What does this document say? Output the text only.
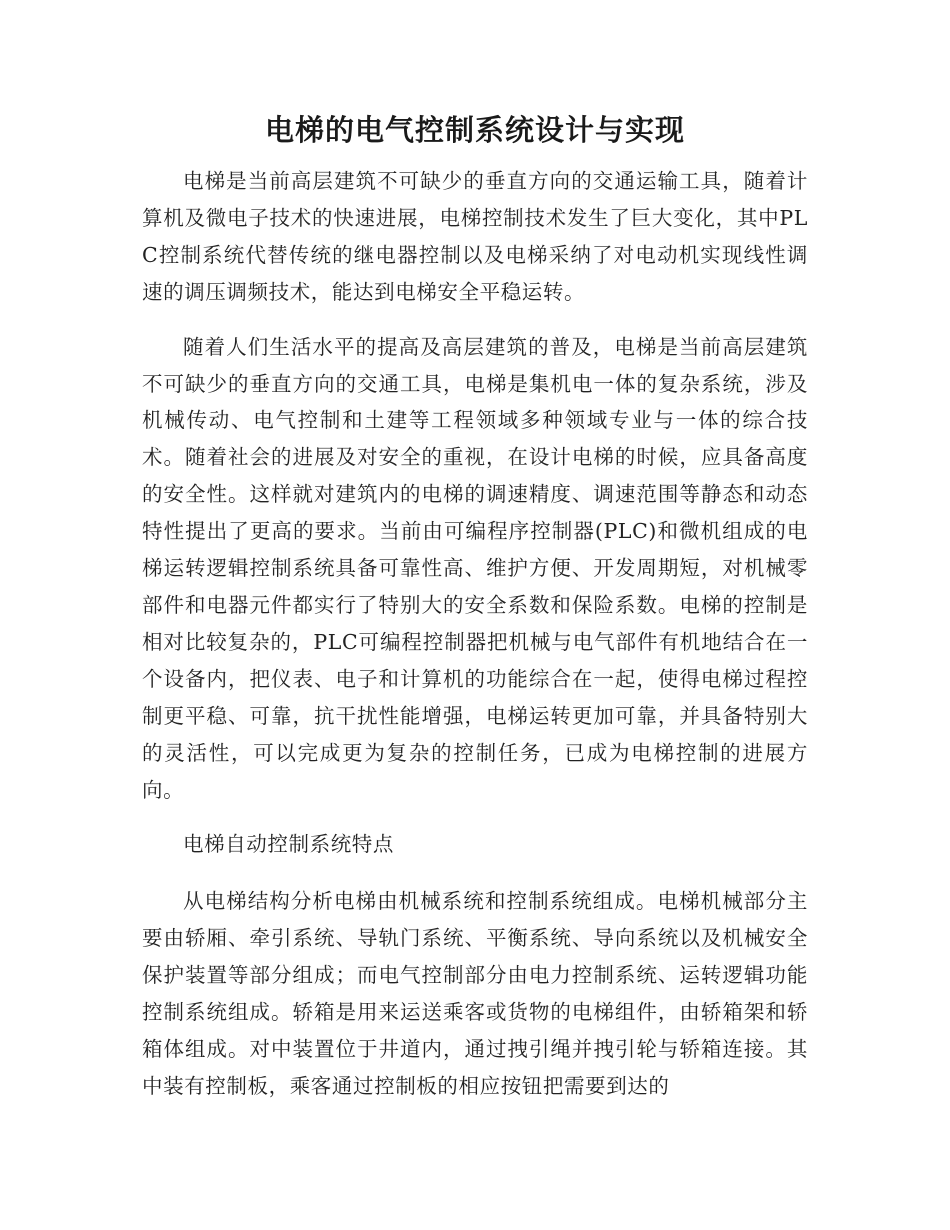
电梯的电气控制系统设计与实现

电梯是当前高层建筑不可缺少的垂直方向的交通运输工具，随着计算机及微电子技术的快速进展，电梯控制技术发生了巨大变化，其中PLC控制系统代替传统的继电器控制以及电梯采纳了对电动机实现线性调速的调压调频技术，能达到电梯安全平稳运转。

随着人们生活水平的提高及高层建筑的普及，电梯是当前高层建筑不可缺少的垂直方向的交通工具，电梯是集机电一体的复杂系统，涉及机械传动、电气控制和土建等工程领域多种领域专业与一体的综合技术。随着社会的进展及对安全的重视，在设计电梯的时候，应具备高度的安全性。这样就对建筑内的电梯的调速精度、调速范围等静态和动态特性提出了更高的要求。当前由可编程序控制器(PLC)和微机组成的电梯运转逻辑控制系统具备可靠性高、维护方便、开发周期短，对机械零部件和电器元件都实行了特别大的安全系数和保险系数。电梯的控制是相对比较复杂的，PLC可编程控制器把机械与电气部件有机地结合在一个设备内，把仪表、电子和计算机的功能综合在一起，使得电梯过程控制更平稳、可靠，抗干扰性能增强，电梯运转更加可靠，并具备特别大的灵活性，可以完成更为复杂的控制任务，已成为电梯控制的进展方向。

电梯自动控制系统特点

从电梯结构分析电梯由机械系统和控制系统组成。电梯机械部分主要由轿厢、牵引系统、导轨门系统、平衡系统、导向系统以及机械安全保护装置等部分组成；而电气控制部分由电力控制系统、运转逻辑功能控制系统组成。轿箱是用来运送乘客或货物的电梯组件，由轿箱架和轿箱体组成。对中装置位于井道内，通过拽引绳并拽引轮与轿箱连接。其中装有控制板，乘客通过控制板的相应按钮把需要到达的
